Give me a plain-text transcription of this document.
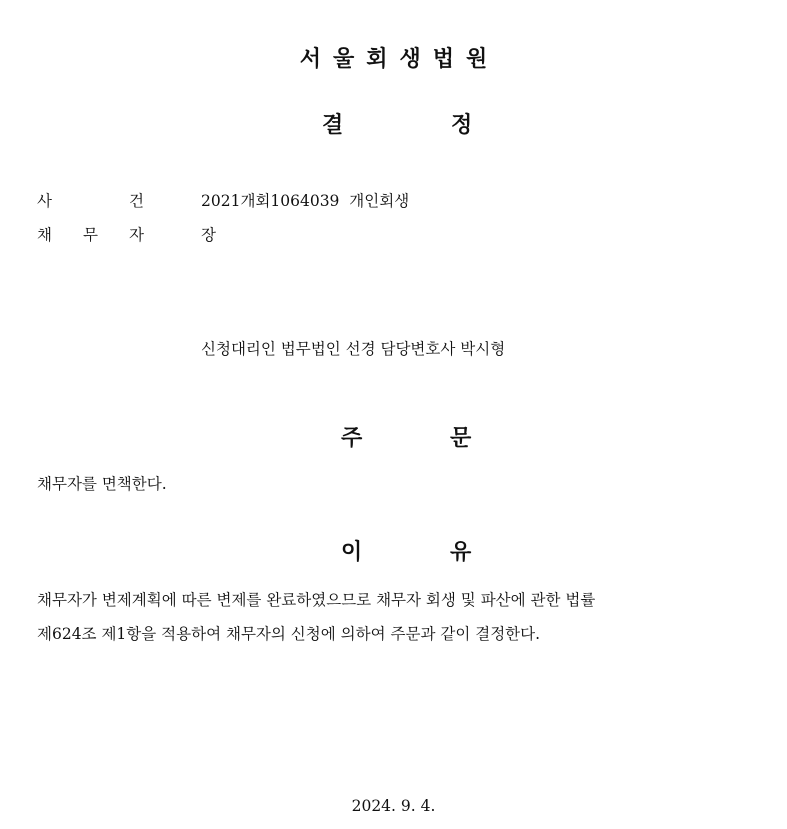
서울회생법원
결	정
사	건	2021개회1064039  개인회생
채 무 자	장
신청대리인 법무법인 선경 담당변호사 박시형
주	문
채무자를 면책한다.
이	유
채무자가 변제계획에 따른 변제를 완료하였으므로 채무자 회생 및 파산에 관한 법률
제624조 제1항을 적용하여 채무자의 신청에 의하여 주문과 같이 결정한다.
2024. 9. 4.
